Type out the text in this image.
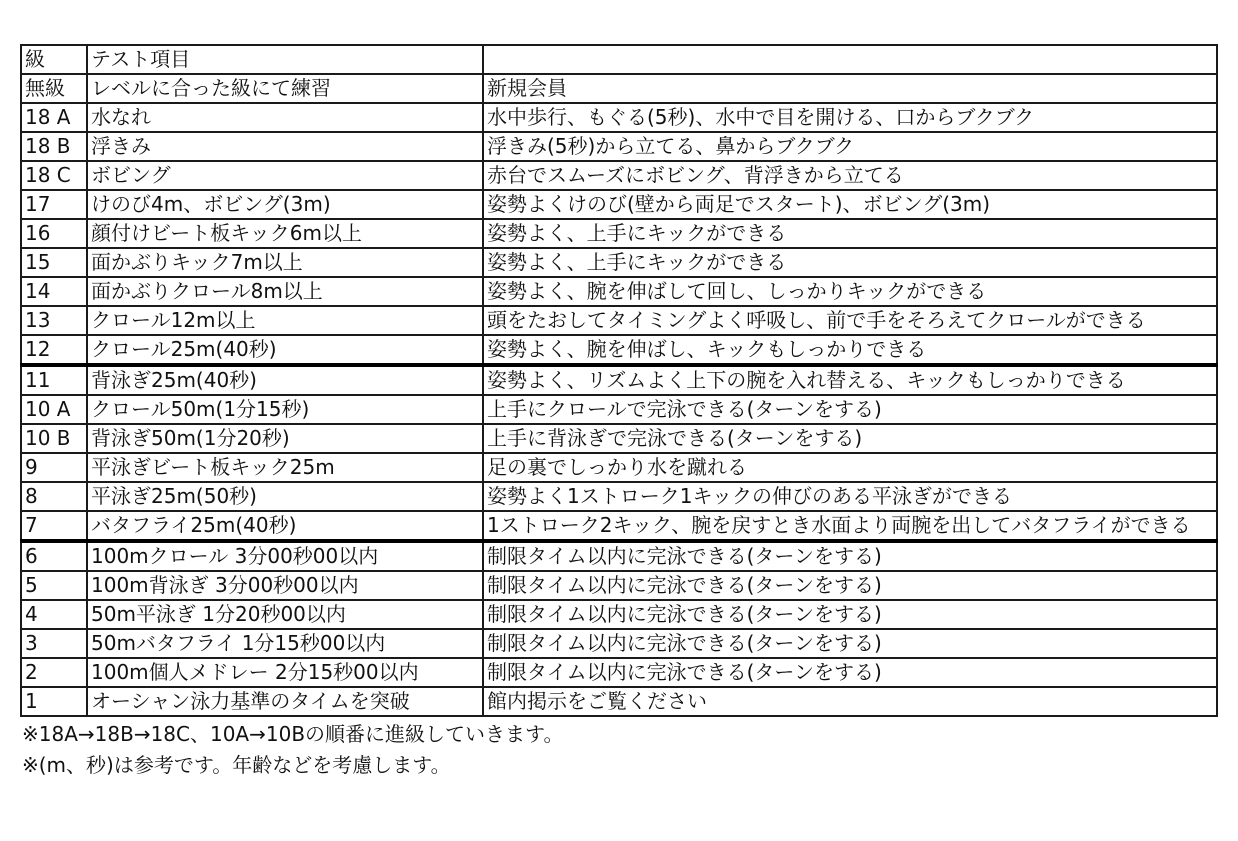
級	テスト項目	
無級	レベルに合った級にて練習	新規会員
18 A	水なれ	水中歩行、もぐる(5秒)、水中で目を開ける、口からブクブク
18 B	浮きみ	浮きみ(5秒)から立てる、鼻からブクブク
18 C	ボビング	赤台でスムーズにボビング、背浮きから立てる
17	けのび4m、ボビング(3m)	姿勢よくけのび(壁から両足でスタート)、ボビング(3m)
16	顔付けビート板キック6m以上	姿勢よく、上手にキックができる
15	面かぶりキック7m以上	姿勢よく、上手にキックができる
14	面かぶりクロール8m以上	姿勢よく、腕を伸ばして回し、しっかりキックができる
13	クロール12m以上	頭をたおしてタイミングよく呼吸し、前で手をそろえてクロールができる
12	クロール25m(40秒)	姿勢よく、腕を伸ばし、キックもしっかりできる
11	背泳ぎ25m(40秒)	姿勢よく、リズムよく上下の腕を入れ替える、キックもしっかりできる
10 A	クロール50m(1分15秒)	上手にクロールで完泳できる(ターンをする)
10 B	背泳ぎ50m(1分20秒)	上手に背泳ぎで完泳できる(ターンをする)
9	平泳ぎビート板キック25m	足の裏でしっかり水を蹴れる
8	平泳ぎ25m(50秒)	姿勢よく1ストローク1キックの伸びのある平泳ぎができる
7	バタフライ25m(40秒)	1ストローク2キック、腕を戻すとき水面より両腕を出してバタフライができる
6	100mクロール 3分00秒00以内	制限タイム以内に完泳できる(ターンをする)
5	100m背泳ぎ 3分00秒00以内	制限タイム以内に完泳できる(ターンをする)
4	50m平泳ぎ 1分20秒00以内	制限タイム以内に完泳できる(ターンをする)
3	50mバタフライ 1分15秒00以内	制限タイム以内に完泳できる(ターンをする)
2	100m個人メドレー 2分15秒00以内	制限タイム以内に完泳できる(ターンをする)
1	オーシャン泳力基準のタイムを突破	館内掲示をご覧ください
※18A→18B→18C、10A→10Bの順番に進級していきます。
※(m、秒)は参考です。年齢などを考慮します。
